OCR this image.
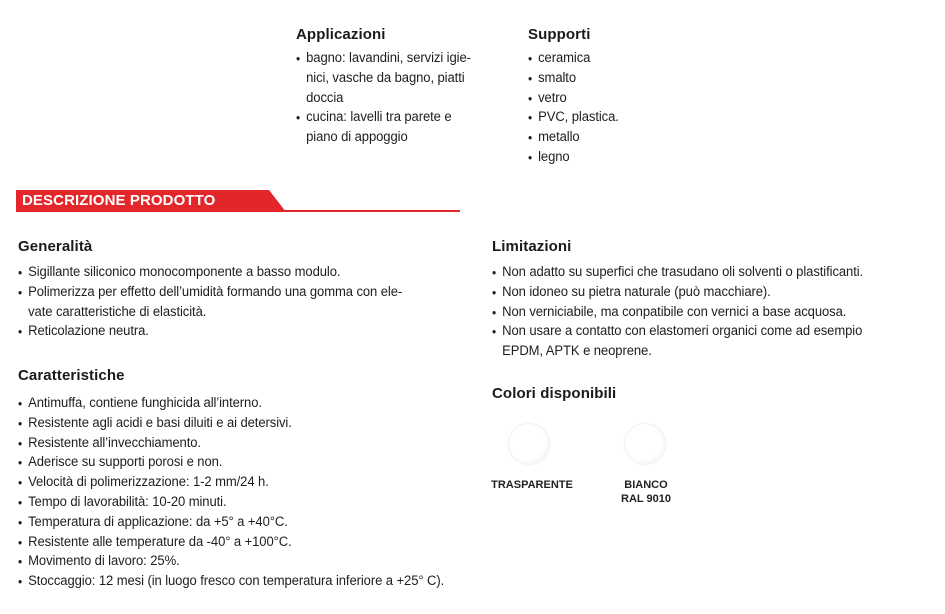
Applicazioni
• bagno: lavandini, servizi igie-
nici, vasche da bagno, piatti
doccia
• cucina: lavelli tra parete e
piano di appoggio
Supporti
• ceramica
• smalto
• vetro
• PVC, plastica.
• metallo
• legno
DESCRIZIONE PRODOTTO
Generalità
• Sigillante siliconico monocomponente a basso modulo.
• Polimerizza per effetto dell’umidità formando una gomma con ele-
vate caratteristiche di elasticità.
• Reticolazione neutra.
Caratteristiche
• Antimuffa, contiene funghicida all’interno.
• Resistente agli acidi e basi diluiti e ai detersivi.
• Resistente all’invecchiamento.
• Aderisce su supporti porosi e non.
• Velocità di polimerizzazione: 1-2 mm/24 h.
• Tempo di lavorabilità: 10-20 minuti.
• Temperatura di applicazione: da +5° a +40°C.
• Resistente alle temperature da -40° a +100°C.
• Movimento di lavoro: 25%.
• Stoccaggio: 12 mesi (in luogo fresco con temperatura inferiore a +25° C).
Limitazioni
• Non adatto su superfici che trasudano oli solventi o plastificanti.
• Non idoneo su pietra naturale (può macchiare).
• Non verniciabile, ma conpatibile con vernici a base acquosa.
• Non usare a contatto con elastomeri organici come ad esempio
EPDM, APTK e neoprene.
Colori disponibili
TRASPARENTE	BIANCO
RAL 9010
